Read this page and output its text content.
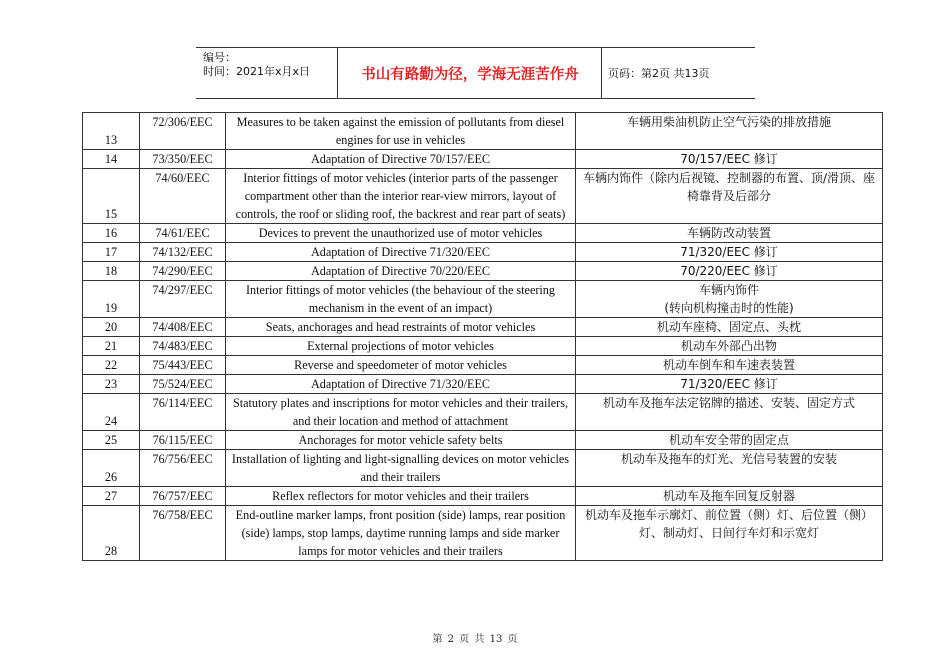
编号：
时间：2021年x月x日	书山有路勤为径，学海无涯苦作舟	页码：第2页 共13页
13	72/306/EEC	Measures to be taken against the emission of pollutants from diesel engines for use in vehicles	车辆用柴油机防止空气污染的排放措施
14	73/350/EEC	Adaptation of Directive 70/157/EEC	70/157/EEC 修订
15	74/60/EEC	Interior fittings of motor vehicles (interior parts of the passenger compartment other than the interior rear-view mirrors, layout of controls, the roof or sliding roof, the backrest and rear part of seats)	车辆内饰件（除内后视镜、控制器的布置、顶/滑顶、座椅靠背及后部分
16	74/61/EEC	Devices to prevent the unauthorized use of motor vehicles	车辆防改动装置
17	74/132/EEC	Adaptation of Directive 71/320/EEC	71/320/EEC 修订
18	74/290/EEC	Adaptation of Directive 70/220/EEC	70/220/EEC 修订
19	74/297/EEC	Interior fittings of motor vehicles (the behaviour of the steering mechanism in the event of an impact)	车辆内饰件
(转向机构撞击时的性能)
20	74/408/EEC	Seats, anchorages and head restraints of motor vehicles	机动车座椅、固定点、头枕
21	74/483/EEC	External projections of motor vehicles	机动车外部凸出物
22	75/443/EEC	Reverse and speedometer of motor vehicles	机动车倒车和车速表装置
23	75/524/EEC	Adaptation of Directive 71/320/EEC	71/320/EEC 修订
24	76/114/EEC	Statutory plates and inscriptions for motor vehicles and their trailers, and their location and method of attachment	机动车及拖车法定铭牌的描述、安装、固定方式
25	76/115/EEC	Anchorages for motor vehicle safety belts	机动车安全带的固定点
26	76/756/EEC	Installation of lighting and light-signalling devices on motor vehicles and their trailers	机动车及拖车的灯光、光信号装置的安装
27	76/757/EEC	Reflex reflectors for motor vehicles and their trailers	机动车及拖车回复反射器
28	76/758/EEC	End-outline marker lamps, front position (side) lamps, rear position (side) lamps, stop lamps, daytime running lamps and side marker lamps for motor vehicles and their trailers	机动车及拖车示廓灯、前位置（侧）灯、后位置（侧）灯、制动灯、日间行车灯和示宽灯
第 2 页 共 13 页
